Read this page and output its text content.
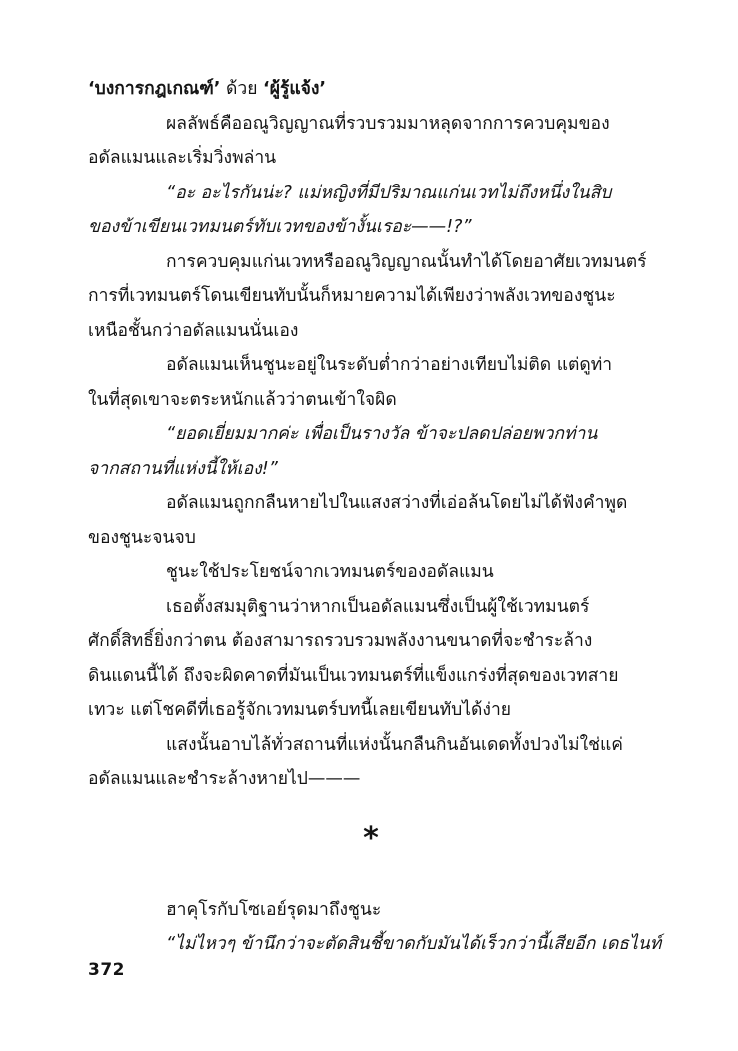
‘บงการกฎเกณฑ์’ ด้วย ‘ผู้รู้แจ้ง’
ผลลัพธ์คืออณูวิญญาณที่รวบรวมมาหลุดจากการควบคุมของ
อดัลแมนและเริ่มวิ่งพล่าน
“อะ อะไรกันน่ะ? แม่หญิงที่มีปริมาณแก่นเวทไม่ถึงหนึ่งในสิบ
ของข้าเขียนเวทมนตร์ทับเวทของข้างั้นเรอะ——!?”
การควบคุมแก่นเวทหรืออณูวิญญาณนั้นทำได้โดยอาศัยเวทมนตร์
การที่เวทมนตร์โดนเขียนทับนั้นก็หมายความได้เพียงว่าพลังเวทของชูนะ
เหนือชั้นกว่าอดัลแมนนั่นเอง
อดัลแมนเห็นชูนะอยู่ในระดับต่ำกว่าอย่างเทียบไม่ติด แต่ดูท่า
ในที่สุดเขาจะตระหนักแล้วว่าตนเข้าใจผิด
“ยอดเยี่ยมมากค่ะ เพื่อเป็นรางวัล ข้าจะปลดปล่อยพวกท่าน
จากสถานที่แห่งนี้ให้เอง!”
อดัลแมนถูกกลืนหายไปในแสงสว่างที่เอ่อล้นโดยไม่ได้ฟังคำพูด
ของชูนะจนจบ
ชูนะใช้ประโยชน์จากเวทมนตร์ของอดัลแมน
เธอตั้งสมมุติฐานว่าหากเป็นอดัลแมนซึ่งเป็นผู้ใช้เวทมนตร์
ศักดิ์สิทธิ์ยิ่งกว่าตน ต้องสามารถรวบรวมพลังงานขนาดที่จะชำระล้าง
ดินแดนนี้ได้ ถึงจะผิดคาดที่มันเป็นเวทมนตร์ที่แข็งแกร่งที่สุดของเวทสาย
เทวะ แต่โชคดีที่เธอรู้จักเวทมนตร์บทนี้เลยเขียนทับได้ง่าย
แสงนั้นอาบไล้ทั่วสถานที่แห่งนั้นกลืนกินอันเดดทั้งปวงไม่ใช่แค่
อดัลแมนและชำระล้างหายไป———
*
ฮาคุโรกับโซเอย์รุดมาถึงชูนะ
“ไม่ไหวๆ ข้านึกว่าจะตัดสินชี้ขาดกับมันได้เร็วกว่านี้เสียอีก เดธไนท์
372
